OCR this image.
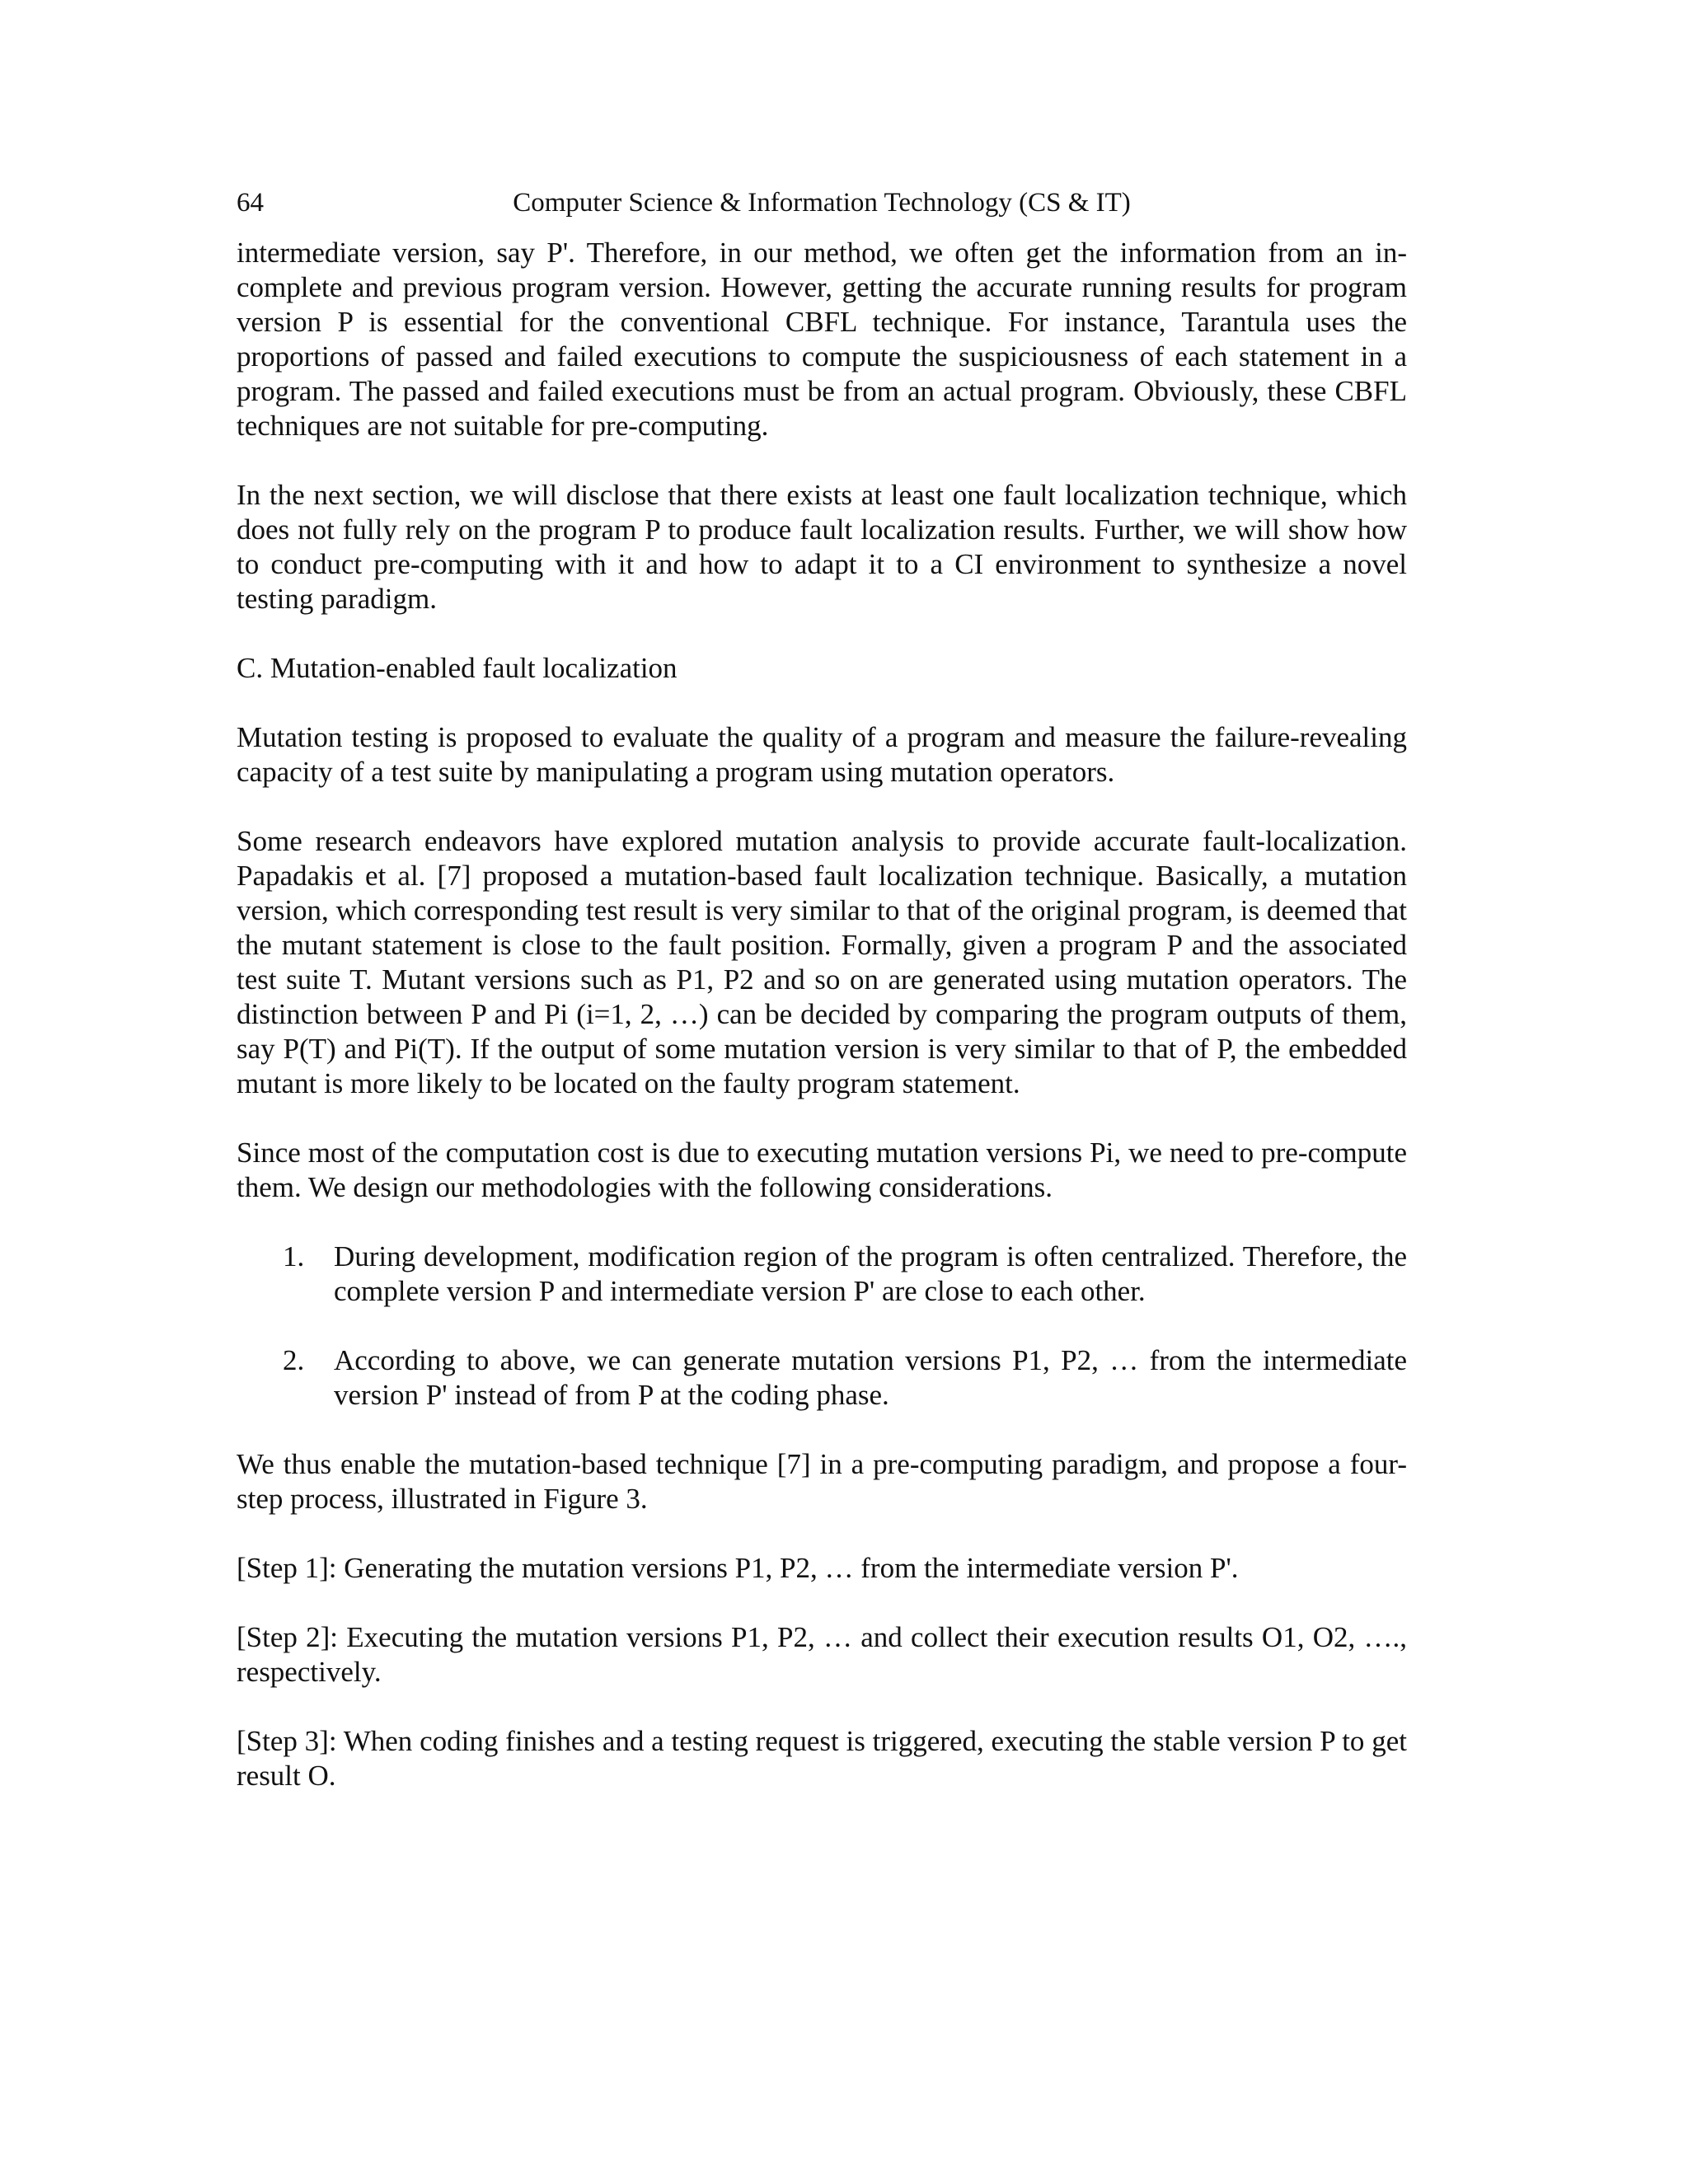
64	Computer Science & Information Technology (CS & IT)

intermediate version, say P'. Therefore, in our method, we often get the information from an in-complete and previous program version. However, getting the accurate running results for program version P is essential for the conventional CBFL technique. For instance, Tarantula uses the proportions of passed and failed executions to compute the suspiciousness of each statement in a program. The passed and failed executions must be from an actual program. Obviously, these CBFL techniques are not suitable for pre-computing.

In the next section, we will disclose that there exists at least one fault localization technique, which does not fully rely on the program P to produce fault localization results. Further, we will show how to conduct pre-computing with it and how to adapt it to a CI environment to synthesize a novel testing paradigm.

C. Mutation-enabled fault localization

Mutation testing is proposed to evaluate the quality of a program and measure the failure-revealing capacity of a test suite by manipulating a program using mutation operators.

Some research endeavors have explored mutation analysis to provide accurate fault-localization. Papadakis et al. [7] proposed a mutation-based fault localization technique. Basically, a mutation version, which corresponding test result is very similar to that of the original program, is deemed that the mutant statement is close to the fault position. Formally, given a program P and the associated test suite T. Mutant versions such as P1, P2 and so on are generated using mutation operators. The distinction between P and Pi (i=1, 2, …) can be decided by comparing the program outputs of them, say P(T) and Pi(T). If the output of some mutation version is very similar to that of P, the embedded mutant is more likely to be located on the faulty program statement.

Since most of the computation cost is due to executing mutation versions Pi, we need to pre-compute them. We design our methodologies with the following considerations.

1. During development, modification region of the program is often centralized. Therefore, the complete version P and intermediate version P' are close to each other.
2. According to above, we can generate mutation versions P1, P2, … from the intermediate version P' instead of from P at the coding phase.

We thus enable the mutation-based technique [7] in a pre-computing paradigm, and propose a four-step process, illustrated in Figure 3.

[Step 1]: Generating the mutation versions P1, P2, … from the intermediate version P'.

[Step 2]: Executing the mutation versions P1, P2, … and collect their execution results O1, O2, …., respectively.

[Step 3]: When coding finishes and a testing request is triggered, executing the stable version P to get result O.
